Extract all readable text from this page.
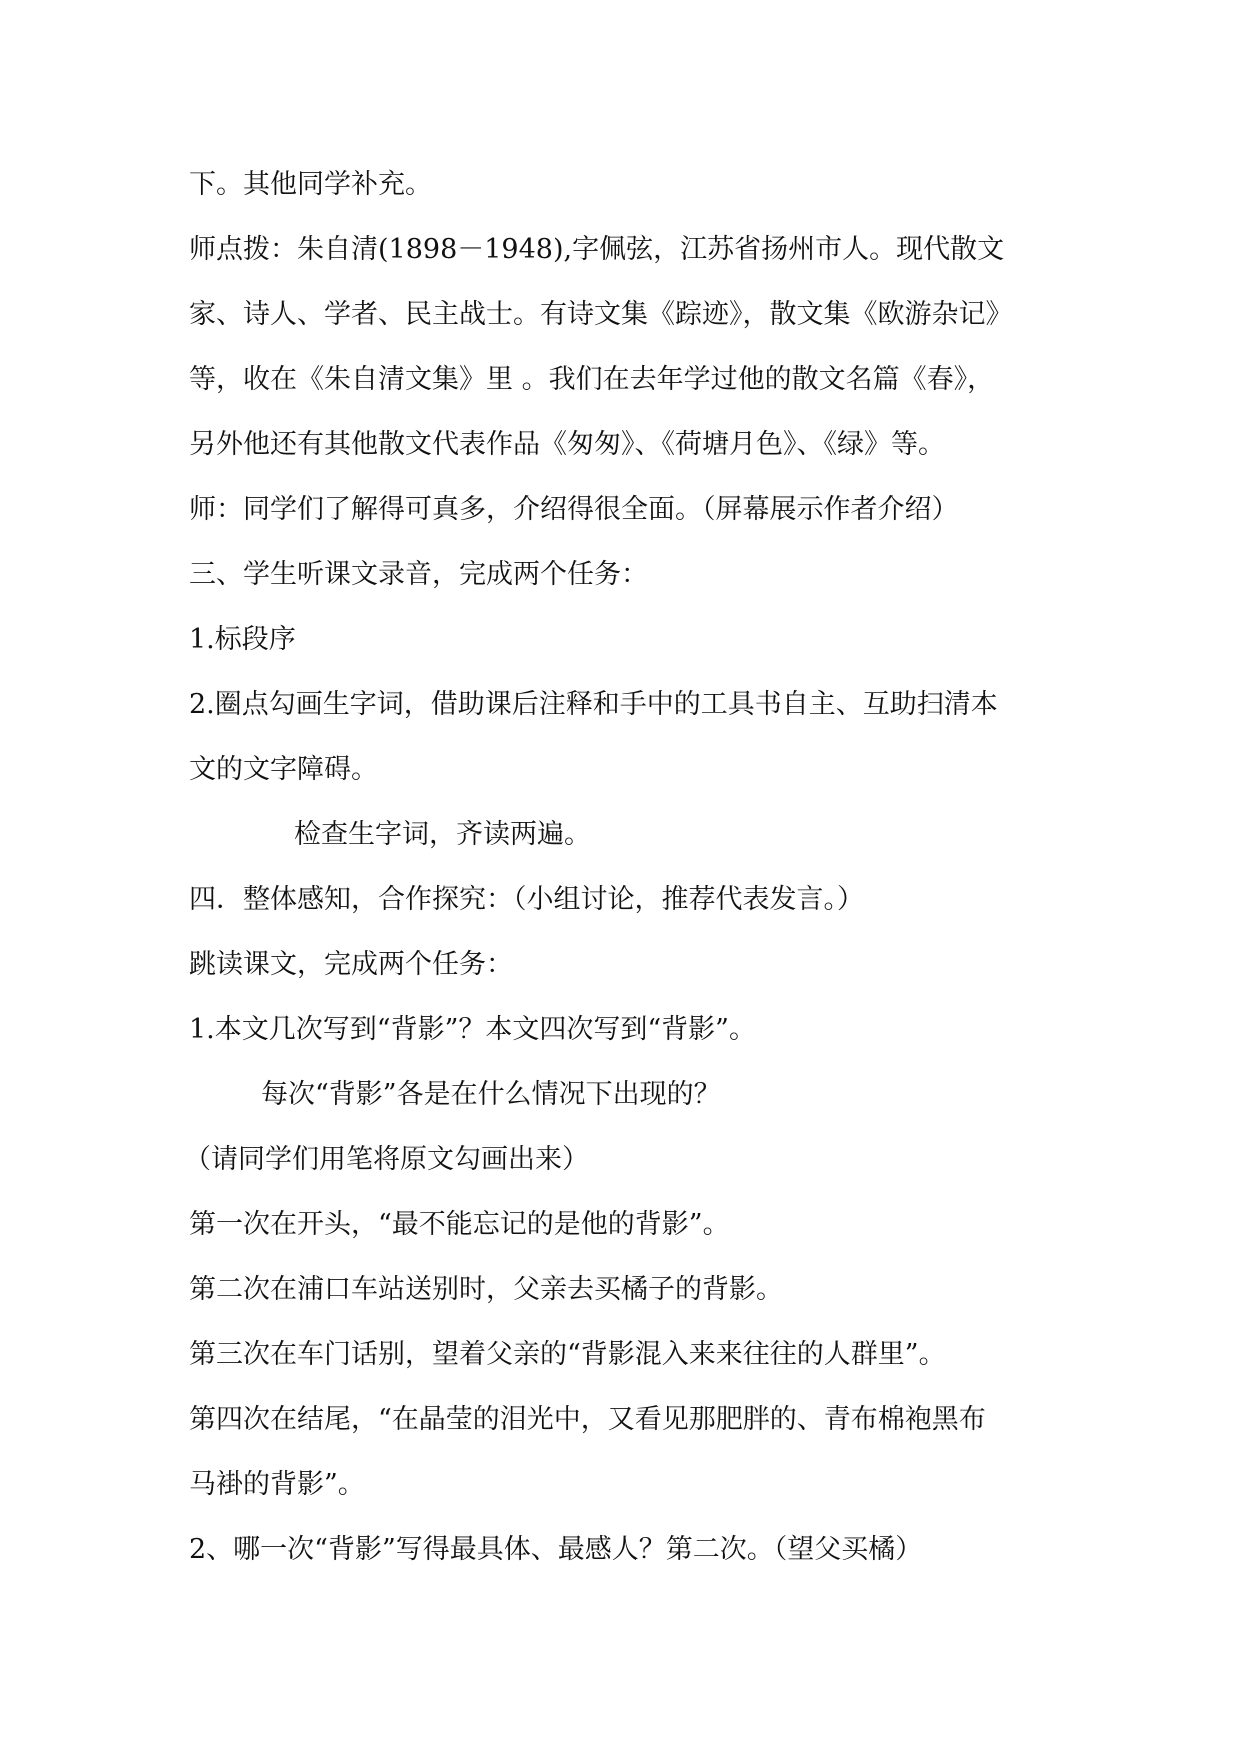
下。其他同学补充。
师点拨：朱自清(1898－1948),字佩弦，江苏省扬州市人。现代散文
家、诗人、学者、民主战士。有诗文集《踪迹》，散文集《欧游杂记》
等，收在《朱自清文集》里 。我们在去年学过他的散文名篇《春》，
另外他还有其他散文代表作品《匆匆》、《荷塘月色》、《绿》等。
师：同学们了解得可真多，介绍得很全面。（屏幕展示作者介绍）
三、学生听课文录音，完成两个任务：
1.标段序
2.圈点勾画生字词，借助课后注释和手中的工具书自主、互助扫清本
文的文字障碍。
检查生字词，齐读两遍。
四．整体感知，合作探究：（小组讨论，推荐代表发言。）
跳读课文，完成两个任务：
1.本文几次写到“背影”？本文四次写到“背影”。
每次“背影”各是在什么情况下出现的？
（请同学们用笔将原文勾画出来）
第一次在开头，“最不能忘记的是他的背影”。
第二次在浦口车站送别时，父亲去买橘子的背影。
第三次在车门话别，望着父亲的“背影混入来来往往的人群里”。
第四次在结尾，“在晶莹的泪光中，又看见那肥胖的、青布棉袍黑布
马褂的背影”。
2、哪一次“背影”写得最具体、最感人？第二次。（望父买橘）
